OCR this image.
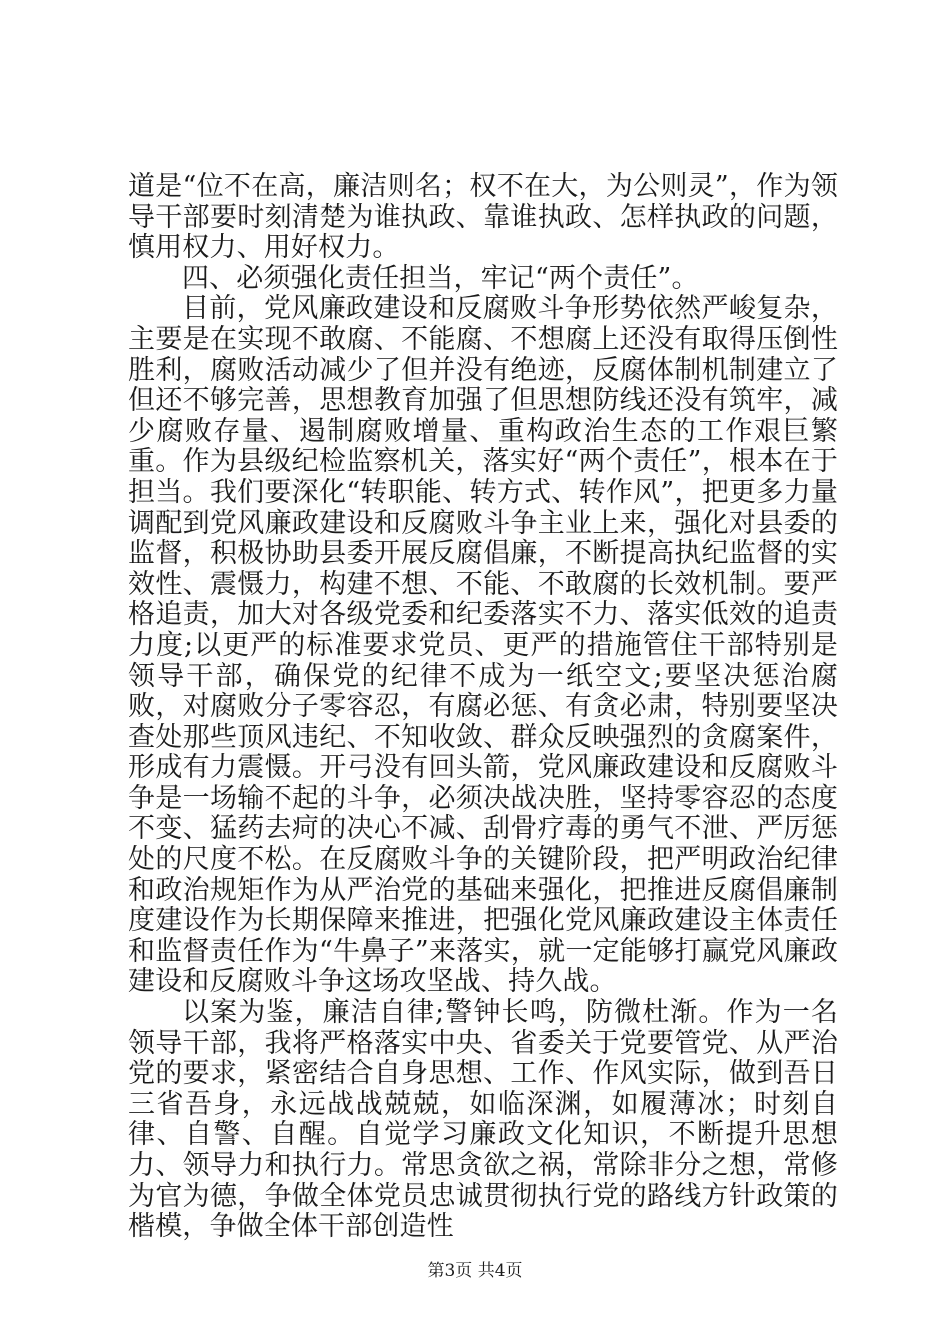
道是“位不在高，廉洁则名；权不在大，为公则灵”，作为领导干部要时刻清楚为谁执政、靠谁执政、怎样执政的问题，慎用权力、用好权力。

四、必须强化责任担当，牢记“两个责任”。

目前，党风廉政建设和反腐败斗争形势依然严峻复杂，主要是在实现不敢腐、不能腐、不想腐上还没有取得压倒性胜利，腐败活动减少了但并没有绝迹，反腐体制机制建立了但还不够完善，思想教育加强了但思想防线还没有筑牢，减少腐败存量、遏制腐败增量、重构政治生态的工作艰巨繁重。作为县级纪检监察机关，落实好“两个责任”，根本在于担当。我们要深化“转职能、转方式、转作风”，把更多力量调配到党风廉政建设和反腐败斗争主业上来，强化对县委的监督，积极协助县委开展反腐倡廉，不断提高执纪监督的实效性、震慑力，构建不想、不能、不敢腐的长效机制。要严格追责，加大对各级党委和纪委落实不力、落实低效的追责力度;以更严的标准要求党员、更严的措施管住干部特别是领导干部，确保党的纪律不成为一纸空文;要坚决惩治腐败，对腐败分子零容忍，有腐必惩、有贪必肃，特别要坚决查处那些顶风违纪、不知收敛、群众反映强烈的贪腐案件，形成有力震慑。开弓没有回头箭，党风廉政建设和反腐败斗争是一场输不起的斗争，必须决战决胜，坚持零容忍的态度不变、猛药去疴的决心不减、刮骨疗毒的勇气不泄、严厉惩处的尺度不松。在反腐败斗争的关键阶段，把严明政治纪律和政治规矩作为从严治党的基础来强化，把推进反腐倡廉制度建设作为长期保障来推进，把强化党风廉政建设主体责任和监督责任作为“牛鼻子”来落实，就一定能够打赢党风廉政建设和反腐败斗争这场攻坚战、持久战。

以案为鉴，廉洁自律;警钟长鸣，防微杜渐。作为一名领导干部，我将严格落实中央、省委关于党要管党、从严治党的要求，紧密结合自身思想、工作、作风实际，做到吾日三省吾身，永远战战兢兢，如临深渊，如履薄冰；时刻自律、自警、自醒。自觉学习廉政文化知识，不断提升思想力、领导力和执行力。常思贪欲之祸，常除非分之想，常修为官为德，争做全体党员忠诚贯彻执行党的路线方针政策的楷模，争做全体干部创造性

第3页 共4页
